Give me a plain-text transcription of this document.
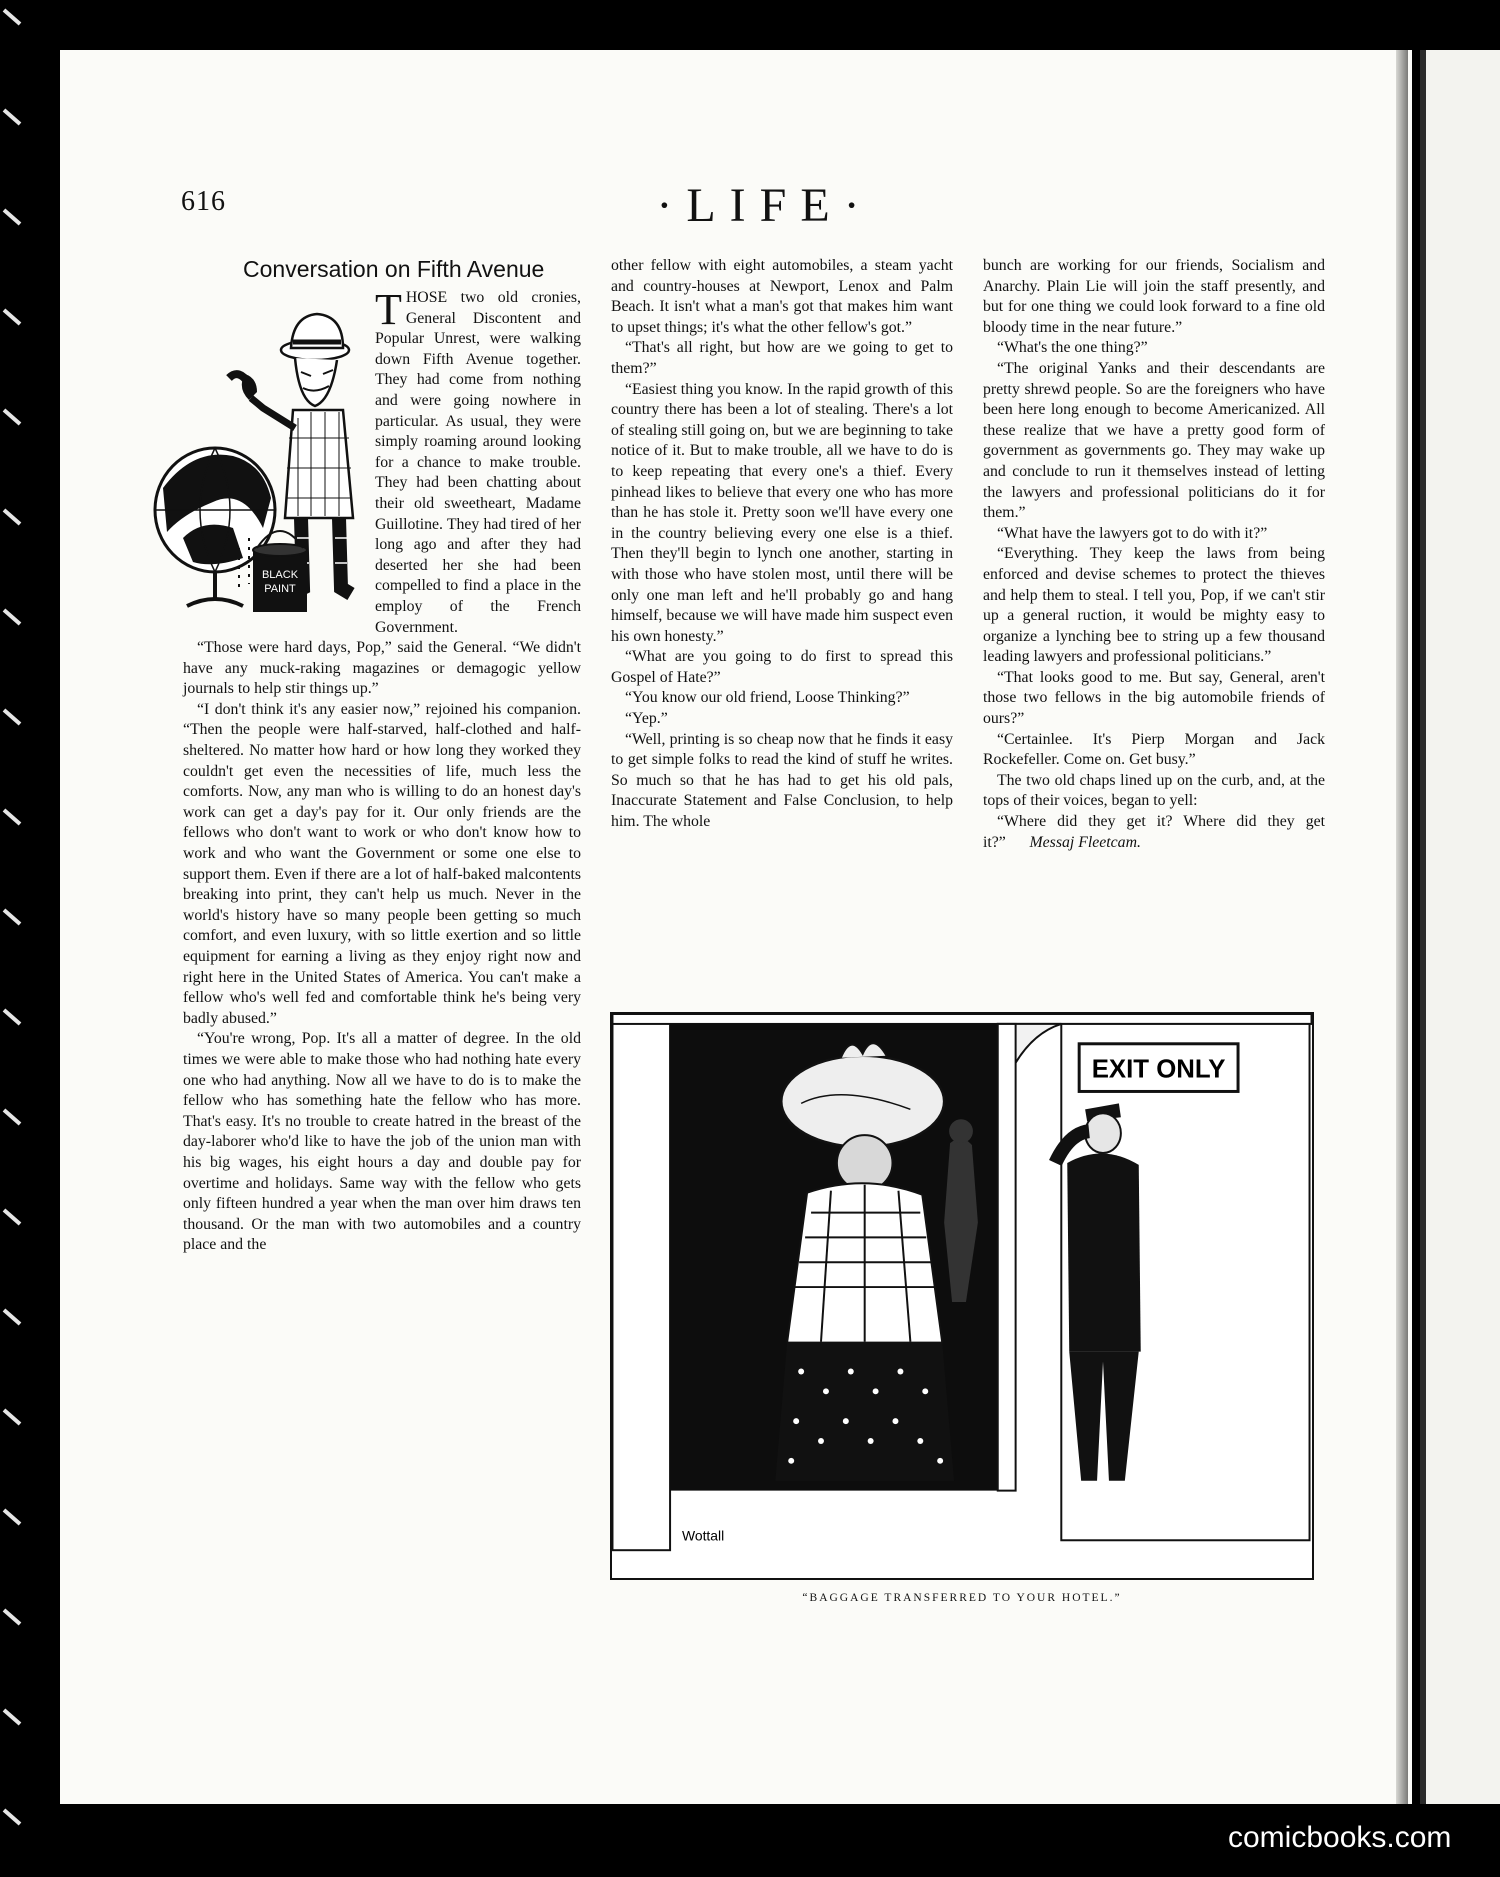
616	·LIFE·
Conversation on Fifth Avenue
BLACK
PAINT

THOSE two old cronies, General Discontent and Popular Unrest, were walking down Fifth Avenue together. They had come from nothing and were going nowhere in particular. As usual, they were simply roaming around looking for a chance to make trouble. They had been chatting about their old sweetheart, Madame Guillotine. They had tired of her long ago and after they had deserted her she had been compelled to find a place in the employ of the French Government.

“Those were hard days, Pop,” said the General. “We didn't have any muck-raking magazines or demagogic yellow journals to help stir things up.”

“I don't think it's any easier now,” rejoined his companion. “Then the people were half-starved, half-clothed and half-sheltered. No matter how hard or how long they worked they couldn't get even the necessities of life, much less the comforts. Now, any man who is willing to do an honest day's work can get a day's pay for it. Our only friends are the fellows who don't want to work or who don't know how to work and who want the Government or some one else to support them. Even if there are a lot of half-baked malcontents breaking into print, they can't help us much. Never in the world's history have so many people been getting so much comfort, and even luxury, with so little exertion and so little equipment for earning a living as they enjoy right now and right here in the United States of America. You can't make a fellow who's well fed and comfortable think he's being very badly abused.”

“You're wrong, Pop. It's all a matter of degree. In the old times we were able to make those who had nothing hate every one who had anything. Now all we have to do is to make the fellow who has something hate the fellow who has more. That's easy. It's no trouble to create hatred in the breast of the day-laborer who'd like to have the job of the union man with his big wages, his eight hours a day and double pay for overtime and holidays. Same way with the fellow who gets only fifteen hundred a year when the man over him draws ten thousand. Or the man with two automobiles and a country place and the

other fellow with eight automobiles, a steam yacht and country-houses at Newport, Lenox and Palm Beach. It isn't what a man's got that makes him want to upset things; it's what the other fellow's got.”

“That's all right, but how are we going to get to them?”

“Easiest thing you know. In the rapid growth of this country there has been a lot of stealing. There's a lot of stealing still going on, but we are beginning to take notice of it. But to make trouble, all we have to do is to keep repeating that every one's a thief. Every pinhead likes to believe that every one who has more than he has stole it. Pretty soon we'll have every one in the country believing every one else is a thief. Then they'll begin to lynch one another, starting in with those who have stolen most, until there will be only one man left and he'll probably go and hang himself, because we will have made him suspect even his own honesty.”

“What are you going to do first to spread this Gospel of Hate?”

“You know our old friend, Loose Thinking?”

“Yep.”

“Well, printing is so cheap now that he finds it easy to get simple folks to read the kind of stuff he writes. So much so that he has had to get his old pals, Inaccurate Statement and False Conclusion, to help him. The whole

bunch are working for our friends, Socialism and Anarchy. Plain Lie will join the staff presently, and but for one thing we could look forward to a fine old bloody time in the near future.”

“What's the one thing?”

“The original Yanks and their descendants are pretty shrewd people. So are the foreigners who have been here long enough to become Americanized. All these realize that we have a pretty good form of government as governments go. They may wake up and conclude to run it themselves instead of letting the lawyers and professional politicians do it for them.”

“What have the lawyers got to do with it?”

“Everything. They keep the laws from being enforced and devise schemes to protect the thieves and help them to steal. I tell you, Pop, if we can't stir up a general ruction, it would be mighty easy to organize a lynching bee to string up a few thousand leading lawyers and professional politicians.”

“That looks good to me. But say, General, aren't those two fellows in the big automobile friends of ours?”

“Certainlee. It's Pierp Morgan and Jack Rockefeller. Come on. Get busy.”

The two old chaps lined up on the curb, and, at the tops of their voices, began to yell:

“Where did they get it? Where did they get it?” Messaj Fleetcam.

EXIT ONLY
Wottall
“BAGGAGE TRANSFERRED TO YOUR HOTEL.”
comicbooks.com
